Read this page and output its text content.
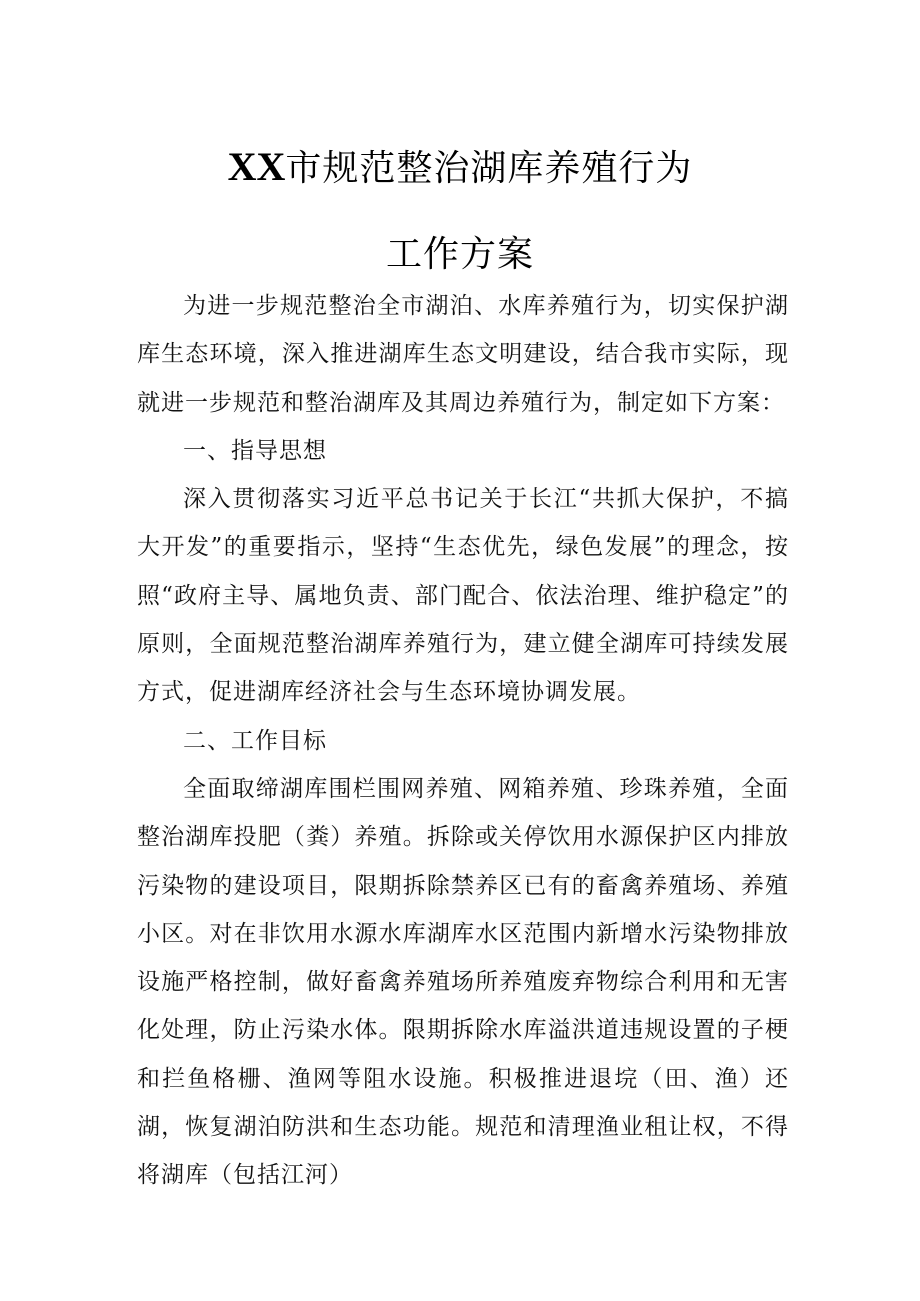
XX市规范整治湖库养殖行为
工作方案

为进一步规范整治全市湖泊、水库养殖行为，切实保护湖库生态环境，深入推进湖库生态文明建设，结合我市实际，现就进一步规范和整治湖库及其周边养殖行为，制定如下方案：

一、指导思想

深入贯彻落实习近平总书记关于长江“共抓大保护，不搞大开发”的重要指示，坚持“生态优先，绿色发展”的理念，按照“政府主导、属地负责、部门配合、依法治理、维护稳定”的原则，全面规范整治湖库养殖行为，建立健全湖库可持续发展方式，促进湖库经济社会与生态环境协调发展。

二、工作目标

全面取缔湖库围栏围网养殖、网箱养殖、珍珠养殖，全面整治湖库投肥（粪）养殖。拆除或关停饮用水源保护区内排放污染物的建设项目，限期拆除禁养区已有的畜禽养殖场、养殖小区。对在非饮用水源水库湖库水区范围内新增水污染物排放设施严格控制，做好畜禽养殖场所养殖废弃物综合利用和无害化处理，防止污染水体。限期拆除水库溢洪道违规设置的子梗和拦鱼格栅、渔网等阻水设施。积极推进退垸（田、渔）还湖，恢复湖泊防洪和生态功能。规范和清理渔业租让权，不得将湖库（包括江河）
